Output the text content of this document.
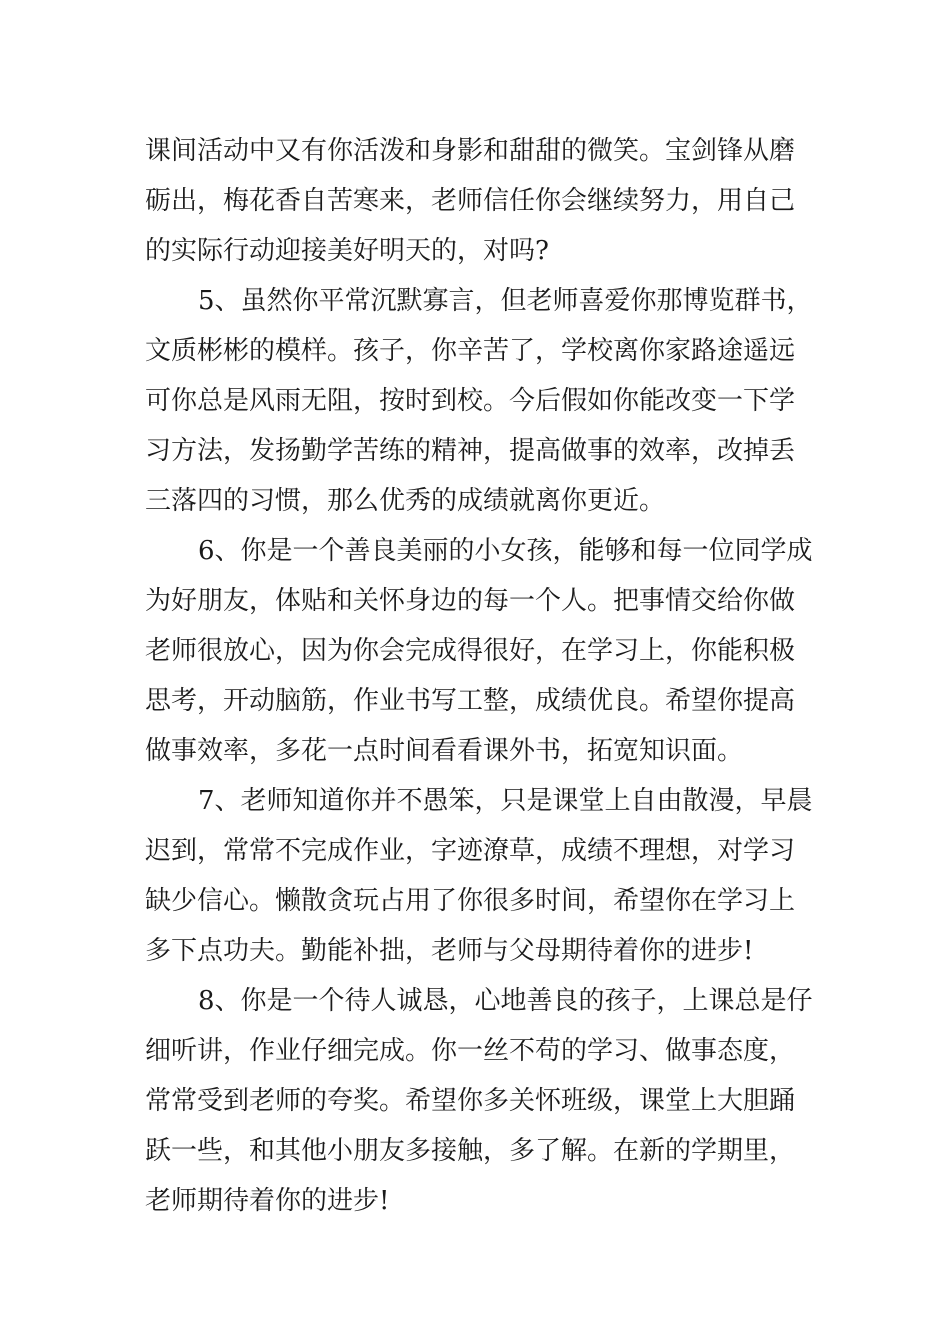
课间活动中又有你活泼和身影和甜甜的微笑。宝剑锋从磨
砺出，梅花香自苦寒来，老师信任你会继续努力，用自己
的实际行动迎接美好明天的，对吗?
5、虽然你平常沉默寡言，但老师喜爱你那博览群书，
文质彬彬的模样。孩子，你辛苦了，学校离你家路途遥远
可你总是风雨无阻，按时到校。今后假如你能改变一下学
习方法，发扬勤学苦练的精神，提高做事的效率，改掉丢
三落四的习惯，那么优秀的成绩就离你更近。
6、你是一个善良美丽的小女孩，能够和每一位同学成
为好朋友，体贴和关怀身边的每一个人。把事情交给你做
老师很放心，因为你会完成得很好，在学习上，你能积极
思考，开动脑筋，作业书写工整，成绩优良。希望你提高
做事效率，多花一点时间看看课外书，拓宽知识面。
7、老师知道你并不愚笨，只是课堂上自由散漫，早晨
迟到，常常不完成作业，字迹潦草，成绩不理想，对学习
缺少信心。懒散贪玩占用了你很多时间，希望你在学习上
多下点功夫。勤能补拙，老师与父母期待着你的进步!
8、你是一个待人诚恳，心地善良的孩子，上课总是仔
细听讲，作业仔细完成。你一丝不苟的学习、做事态度，
常常受到老师的夸奖。希望你多关怀班级，课堂上大胆踊
跃一些，和其他小朋友多接触，多了解。在新的学期里，
老师期待着你的进步!
